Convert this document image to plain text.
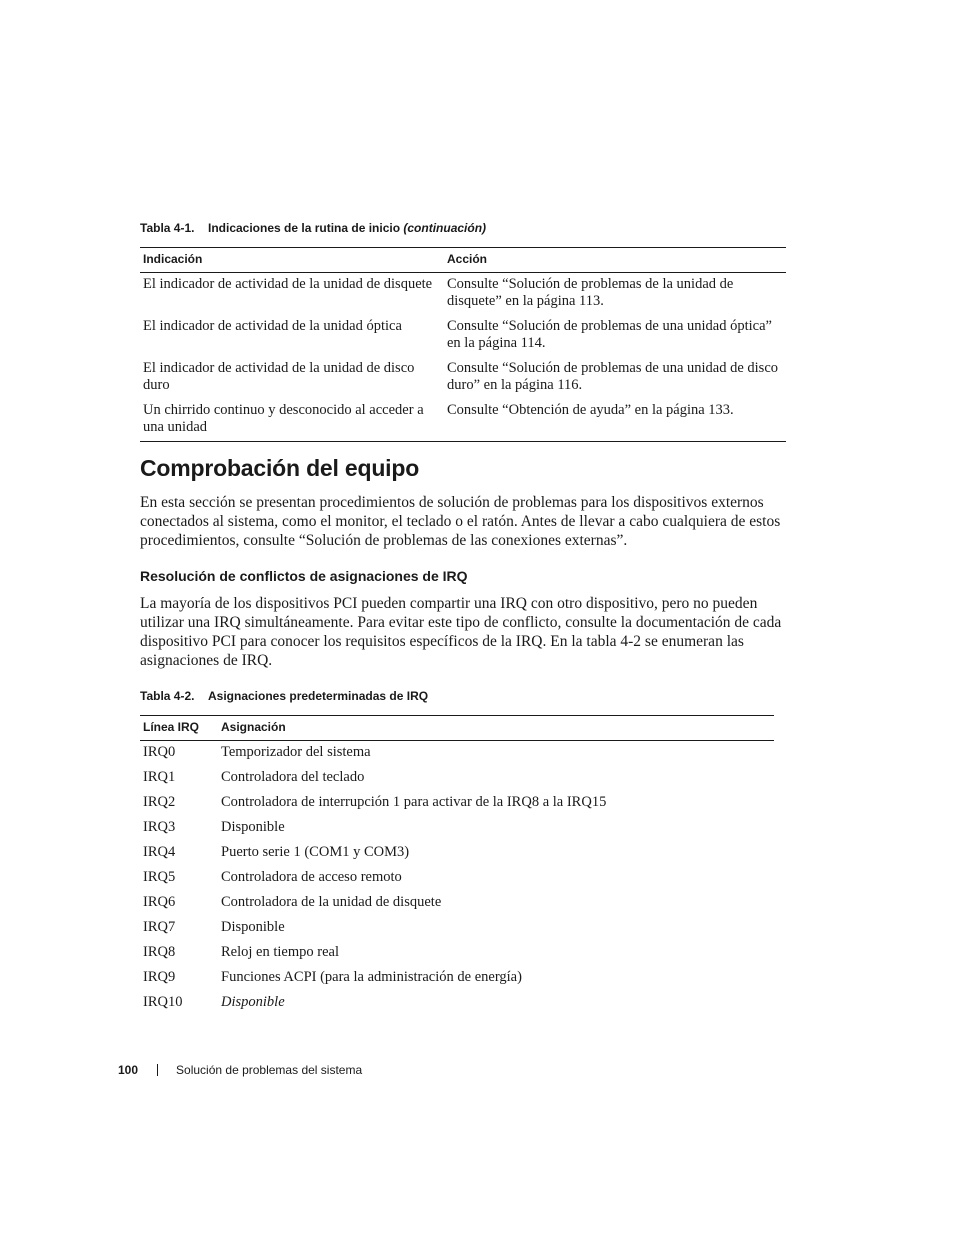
Tabla 4-1. Indicaciones de la rutina de inicio (continuación)
Indicación	Acción
El indicador de actividad de la unidad de disquete	Consulte “Solución de problemas de la unidad de disquete” en la página 113.
El indicador de actividad de la unidad óptica	Consulte “Solución de problemas de una unidad óptica” en la página 114.
El indicador de actividad de la unidad de disco duro	Consulte “Solución de problemas de una unidad de disco duro” en la página 116.
Un chirrido continuo y desconocido al acceder a una unidad	Consulte “Obtención de ayuda” en la página 133.
Comprobación del equipo

En esta sección se presentan procedimientos de solución de problemas para los dispositivos externos conectados al sistema, como el monitor, el teclado o el ratón. Antes de llevar a cabo cualquiera de estos procedimientos, consulte “Solución de problemas de las conexiones externas”.

Resolución de conflictos de asignaciones de IRQ

La mayoría de los dispositivos PCI pueden compartir una IRQ con otro dispositivo, pero no pueden utilizar una IRQ simultáneamente. Para evitar este tipo de conflicto, consulte la documentación de cada dispositivo PCI para conocer los requisitos específicos de la IRQ. En la tabla 4-2 se enumeran las asignaciones de IRQ.

Tabla 4-2. Asignaciones predeterminadas de IRQ
Línea IRQ	Asignación
IRQ0	Temporizador del sistema
IRQ1	Controladora del teclado
IRQ2	Controladora de interrupción 1 para activar de la IRQ8 a la IRQ15
IRQ3	Disponible
IRQ4	Puerto serie 1 (COM1 y COM3)
IRQ5	Controladora de acceso remoto
IRQ6	Controladora de la unidad de disquete
IRQ7	Disponible
IRQ8	Reloj en tiempo real
IRQ9	Funciones ACPI (para la administración de energía)
IRQ10	Disponible
100	Solución de problemas del sistema
